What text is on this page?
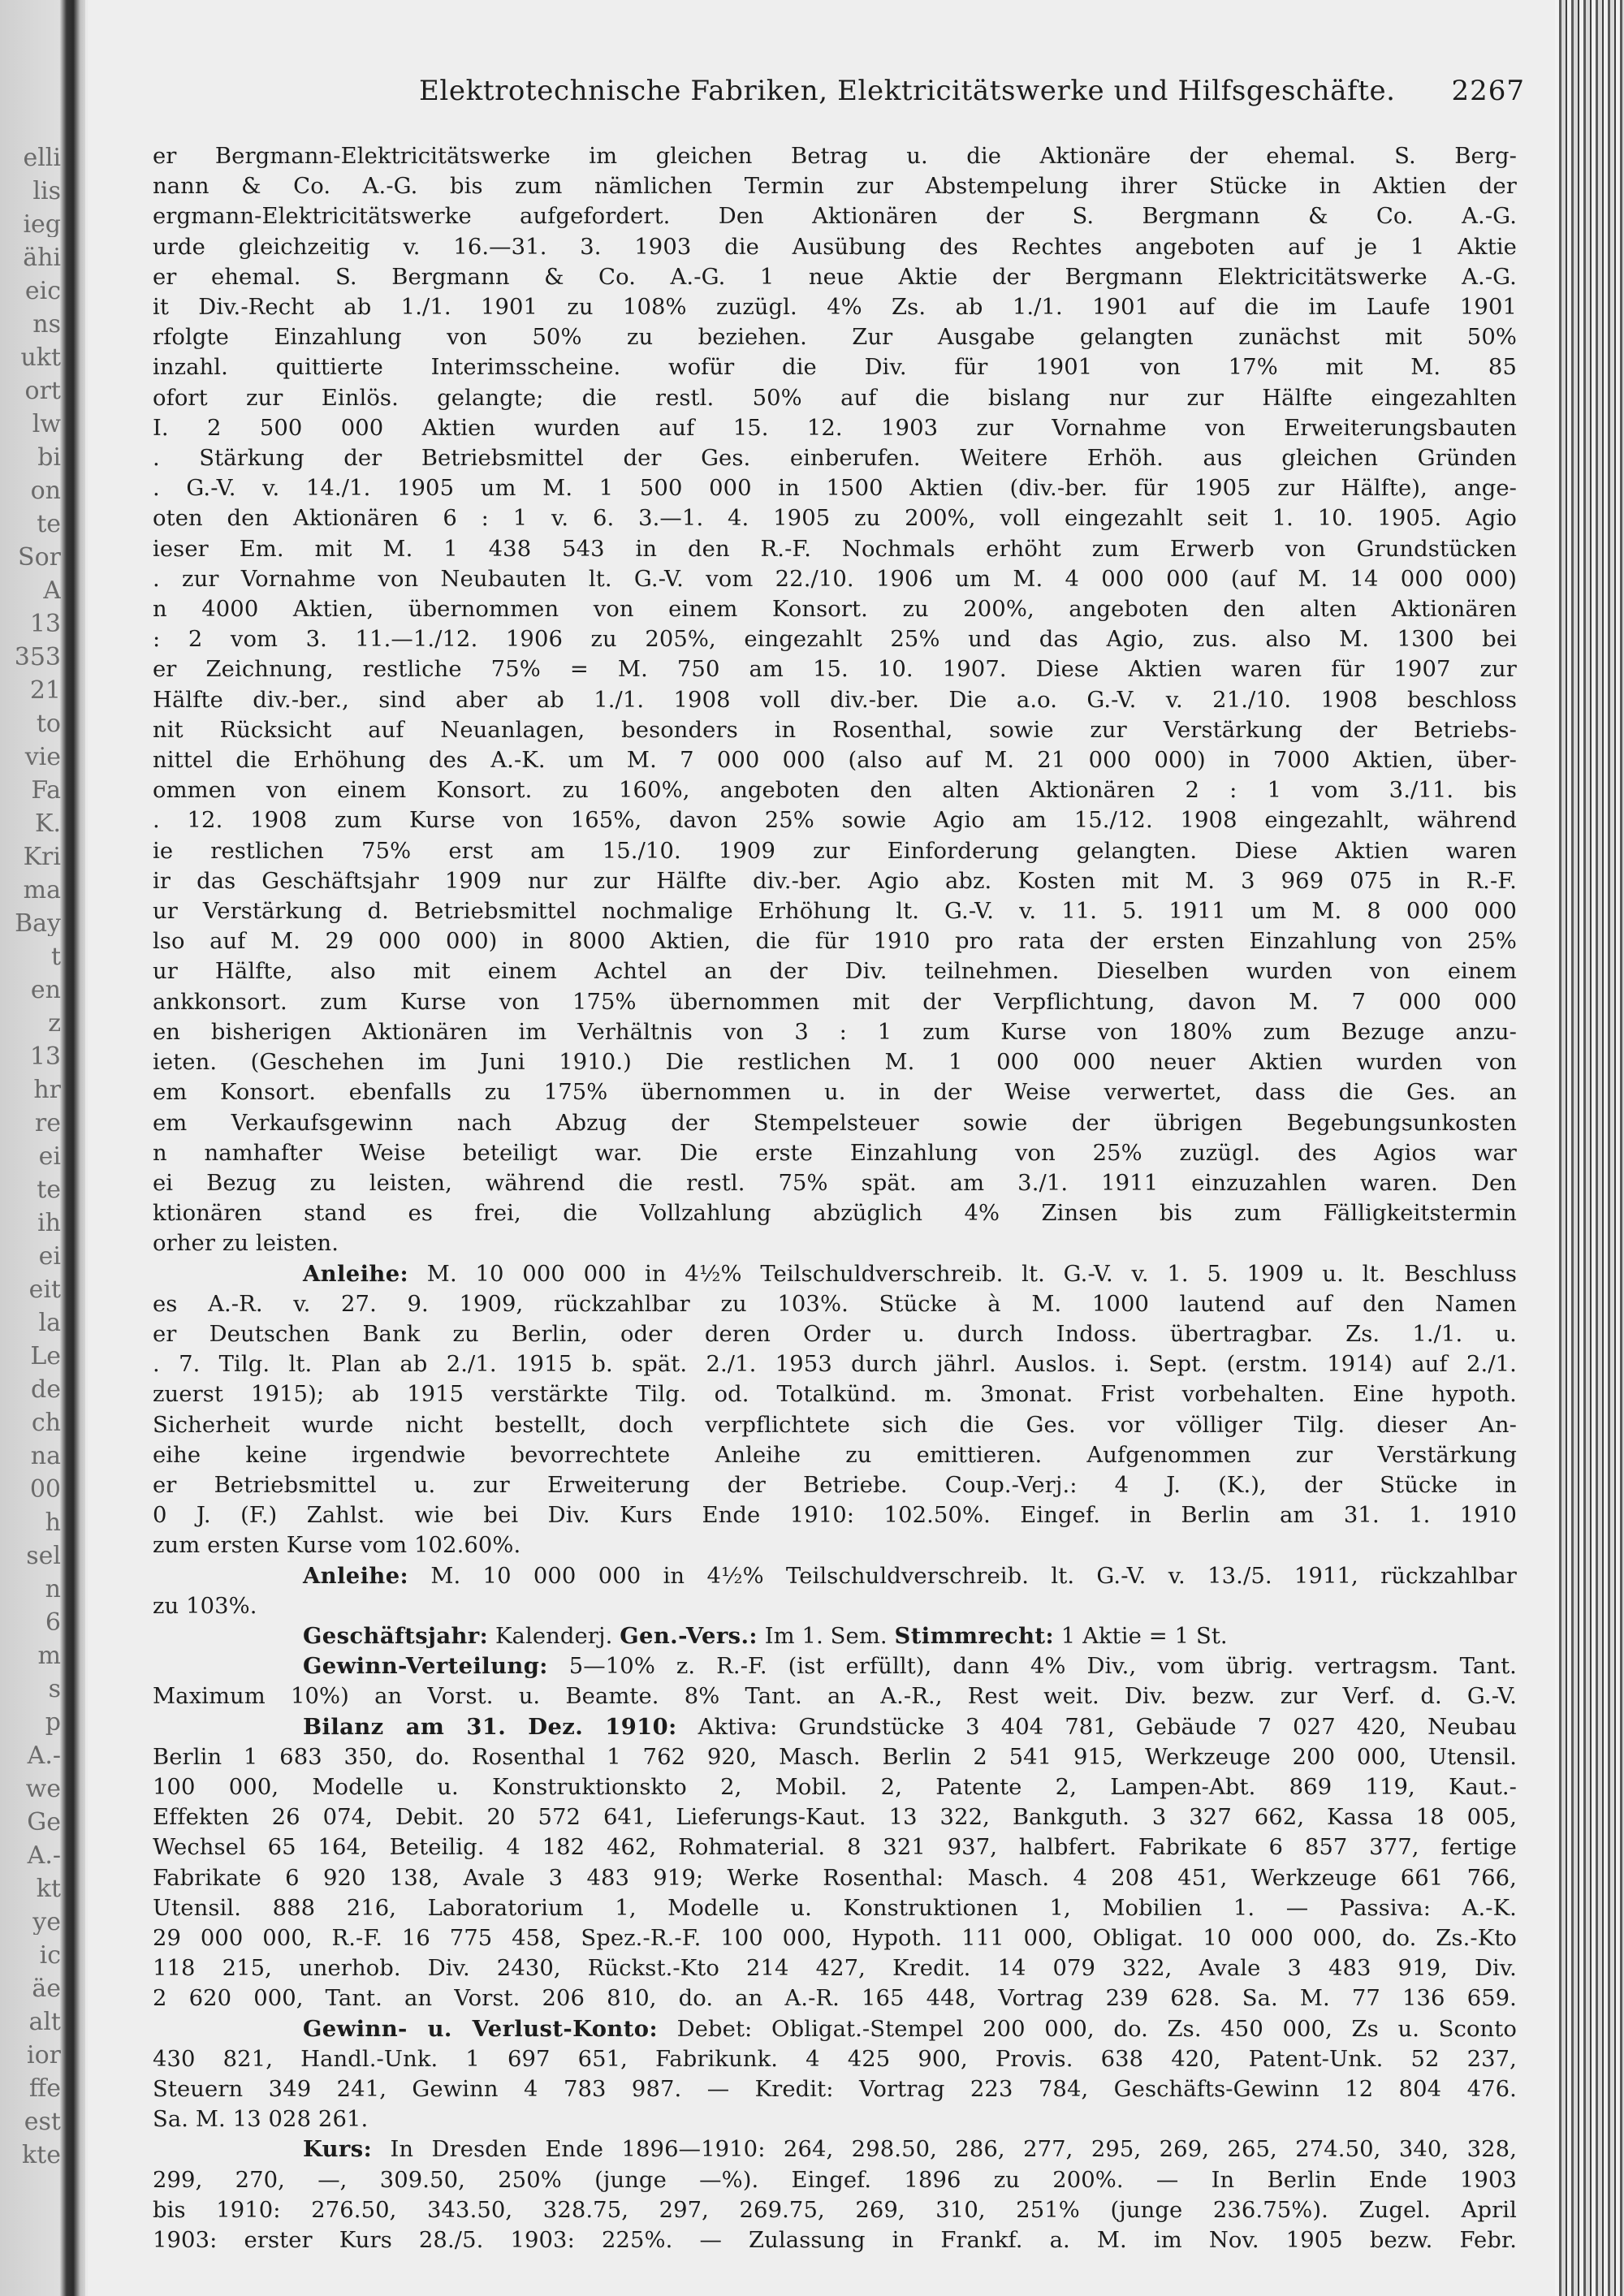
elli
lis
ieg
ähi
eic
ns
ukt
ort
lw
bi
on
te
Sor
A
13
353
21
to
vie
Fa
K.
Kri
ma
Bay
t
en
z
13
hr
re
ei
te
ih
ei
eit
la
Le
de
ch
na
00
h
sel
n
6
m
s
p
A.-
we
Ge
A.-
kt
ye
ic
äe
alt
ior
ffe
est
kte
Elektrotechnische Fabriken, Elektricitätswerke und Hilfsgeschäfte. 2267

er Bergmann-Elektricitätswerke im gleichen Betrag u. die Aktionäre der ehemal. S. Berg-

nann & Co. A.-G. bis zum nämlichen Termin zur Abstempelung ihrer Stücke in Aktien der

ergmann-Elektricitätswerke aufgefordert. Den Aktionären der S. Bergmann & Co. A.-G.

urde gleichzeitig v. 16.—31. 3. 1903 die Ausübung des Rechtes angeboten auf je 1 Aktie

er ehemal. S. Bergmann & Co. A.-G. 1 neue Aktie der Bergmann Elektricitätswerke A.-G.

it Div.-Recht ab 1./1. 1901 zu 108% zuzügl. 4% Zs. ab 1./1. 1901 auf die im Laufe 1901

rfolgte Einzahlung von 50% zu beziehen. Zur Ausgabe gelangten zunächst mit 50%

inzahl. quittierte Interimsscheine. wofür die Div. für 1901 von 17% mit M. 85

ofort zur Einlös. gelangte; die restl. 50% auf die bislang nur zur Hälfte eingezahlten

I. 2 500 000 Aktien wurden auf 15. 12. 1903 zur Vornahme von Erweiterungsbauten

. Stärkung der Betriebsmittel der Ges. einberufen. Weitere Erhöh. aus gleichen Gründen

. G.-V. v. 14./1. 1905 um M. 1 500 000 in 1500 Aktien (div.-ber. für 1905 zur Hälfte), ange-

oten den Aktionären 6 : 1 v. 6. 3.—1. 4. 1905 zu 200%, voll eingezahlt seit 1. 10. 1905. Agio

ieser Em. mit M. 1 438 543 in den R.-F. Nochmals erhöht zum Erwerb von Grundstücken

. zur Vornahme von Neubauten lt. G.-V. vom 22./10. 1906 um M. 4 000 000 (auf M. 14 000 000)

n 4000 Aktien, übernommen von einem Konsort. zu 200%, angeboten den alten Aktionären

: 2 vom 3. 11.—1./12. 1906 zu 205%, eingezahlt 25% und das Agio, zus. also M. 1300 bei

er Zeichnung, restliche 75% = M. 750 am 15. 10. 1907. Diese Aktien waren für 1907 zur

Hälfte div.-ber., sind aber ab 1./1. 1908 voll div.-ber. Die a.o. G.-V. v. 21./10. 1908 beschloss

nit Rücksicht auf Neuanlagen, besonders in Rosenthal, sowie zur Verstärkung der Betriebs-

nittel die Erhöhung des A.-K. um M. 7 000 000 (also auf M. 21 000 000) in 7000 Aktien, über-

ommen von einem Konsort. zu 160%, angeboten den alten Aktionären 2 : 1 vom 3./11. bis

. 12. 1908 zum Kurse von 165%, davon 25% sowie Agio am 15./12. 1908 eingezahlt, während

ie restlichen 75% erst am 15./10. 1909 zur Einforderung gelangten. Diese Aktien waren

ir das Geschäftsjahr 1909 nur zur Hälfte div.-ber. Agio abz. Kosten mit M. 3 969 075 in R.-F.

ur Verstärkung d. Betriebsmittel nochmalige Erhöhung lt. G.-V. v. 11. 5. 1911 um M. 8 000 000

lso auf M. 29 000 000) in 8000 Aktien, die für 1910 pro rata der ersten Einzahlung von 25%

ur Hälfte, also mit einem Achtel an der Div. teilnehmen. Dieselben wurden von einem

ankkonsort. zum Kurse von 175% übernommen mit der Verpflichtung, davon M. 7 000 000

en bisherigen Aktionären im Verhältnis von 3 : 1 zum Kurse von 180% zum Bezuge anzu-

ieten. (Geschehen im Juni 1910.) Die restlichen M. 1 000 000 neuer Aktien wurden von

em Konsort. ebenfalls zu 175% übernommen u. in der Weise verwertet, dass die Ges. an

em Verkaufsgewinn nach Abzug der Stempelsteuer sowie der übrigen Begebungsunkosten

n namhafter Weise beteiligt war. Die erste Einzahlung von 25% zuzügl. des Agios war

ei Bezug zu leisten, während die restl. 75% spät. am 3./1. 1911 einzuzahlen waren. Den

ktionären stand es frei, die Vollzahlung abzüglich 4% Zinsen bis zum Fälligkeitstermin

orher zu leisten.

Anleihe: M. 10 000 000 in 4½% Teilschuldverschreib. lt. G.-V. v. 1. 5. 1909 u. lt. Beschluss

es A.-R. v. 27. 9. 1909, rückzahlbar zu 103%. Stücke à M. 1000 lautend auf den Namen

er Deutschen Bank zu Berlin, oder deren Order u. durch Indoss. übertragbar. Zs. 1./1. u.

. 7. Tilg. lt. Plan ab 2./1. 1915 b. spät. 2./1. 1953 durch jährl. Auslos. i. Sept. (erstm. 1914) auf 2./1.

zuerst 1915); ab 1915 verstärkte Tilg. od. Totalkünd. m. 3monat. Frist vorbehalten. Eine hypoth.

Sicherheit wurde nicht bestellt, doch verpflichtete sich die Ges. vor völliger Tilg. dieser An-

eihe keine irgendwie bevorrechtete Anleihe zu emittieren. Aufgenommen zur Verstärkung

er Betriebsmittel u. zur Erweiterung der Betriebe. Coup.-Verj.: 4 J. (K.), der Stücke in

0 J. (F.) Zahlst. wie bei Div. Kurs Ende 1910: 102.50%. Eingef. in Berlin am 31. 1. 1910

zum ersten Kurse vom 102.60%.

Anleihe: M. 10 000 000 in 4½% Teilschuldverschreib. lt. G.-V. v. 13./5. 1911, rückzahlbar

zu 103%.

Geschäftsjahr: Kalenderj. Gen.-Vers.: Im 1. Sem. Stimmrecht: 1 Aktie = 1 St.

Gewinn-Verteilung: 5—10% z. R.-F. (ist erfüllt), dann 4% Div., vom übrig. vertragsm. Tant.

Maximum 10%) an Vorst. u. Beamte. 8% Tant. an A.-R., Rest weit. Div. bezw. zur Verf. d. G.-V.

Bilanz am 31. Dez. 1910: Aktiva: Grundstücke 3 404 781, Gebäude 7 027 420, Neubau

Berlin 1 683 350, do. Rosenthal 1 762 920, Masch. Berlin 2 541 915, Werkzeuge 200 000, Utensil.

100 000, Modelle u. Konstruktionskto 2, Mobil. 2, Patente 2, Lampen-Abt. 869 119, Kaut.-

Effekten 26 074, Debit. 20 572 641, Lieferungs-Kaut. 13 322, Bankguth. 3 327 662, Kassa 18 005,

Wechsel 65 164, Beteilig. 4 182 462, Rohmaterial. 8 321 937, halbfert. Fabrikate 6 857 377, fertige

Fabrikate 6 920 138, Avale 3 483 919; Werke Rosenthal: Masch. 4 208 451, Werkzeuge 661 766,

Utensil. 888 216, Laboratorium 1, Modelle u. Konstruktionen 1, Mobilien 1. — Passiva: A.-K.

29 000 000, R.-F. 16 775 458, Spez.-R.-F. 100 000, Hypoth. 111 000, Obligat. 10 000 000, do. Zs.-Kto

118 215, unerhob. Div. 2430, Rückst.-Kto 214 427, Kredit. 14 079 322, Avale 3 483 919, Div.

2 620 000, Tant. an Vorst. 206 810, do. an A.-R. 165 448, Vortrag 239 628. Sa. M. 77 136 659.

Gewinn- u. Verlust-Konto: Debet: Obligat.-Stempel 200 000, do. Zs. 450 000, Zs u. Sconto

430 821, Handl.-Unk. 1 697 651, Fabrikunk. 4 425 900, Provis. 638 420, Patent-Unk. 52 237,

Steuern 349 241, Gewinn 4 783 987. — Kredit: Vortrag 223 784, Geschäfts-Gewinn 12 804 476.

Sa. M. 13 028 261.

Kurs: In Dresden Ende 1896—1910: 264, 298.50, 286, 277, 295, 269, 265, 274.50, 340, 328,

299, 270, —, 309.50, 250% (junge —%). Eingef. 1896 zu 200%. — In Berlin Ende 1903

bis 1910: 276.50, 343.50, 328.75, 297, 269.75, 269, 310, 251% (junge 236.75%). Zugel. April

1903: erster Kurs 28./5. 1903: 225%. — Zulassung in Frankf. a. M. im Nov. 1905 bezw. Febr.
